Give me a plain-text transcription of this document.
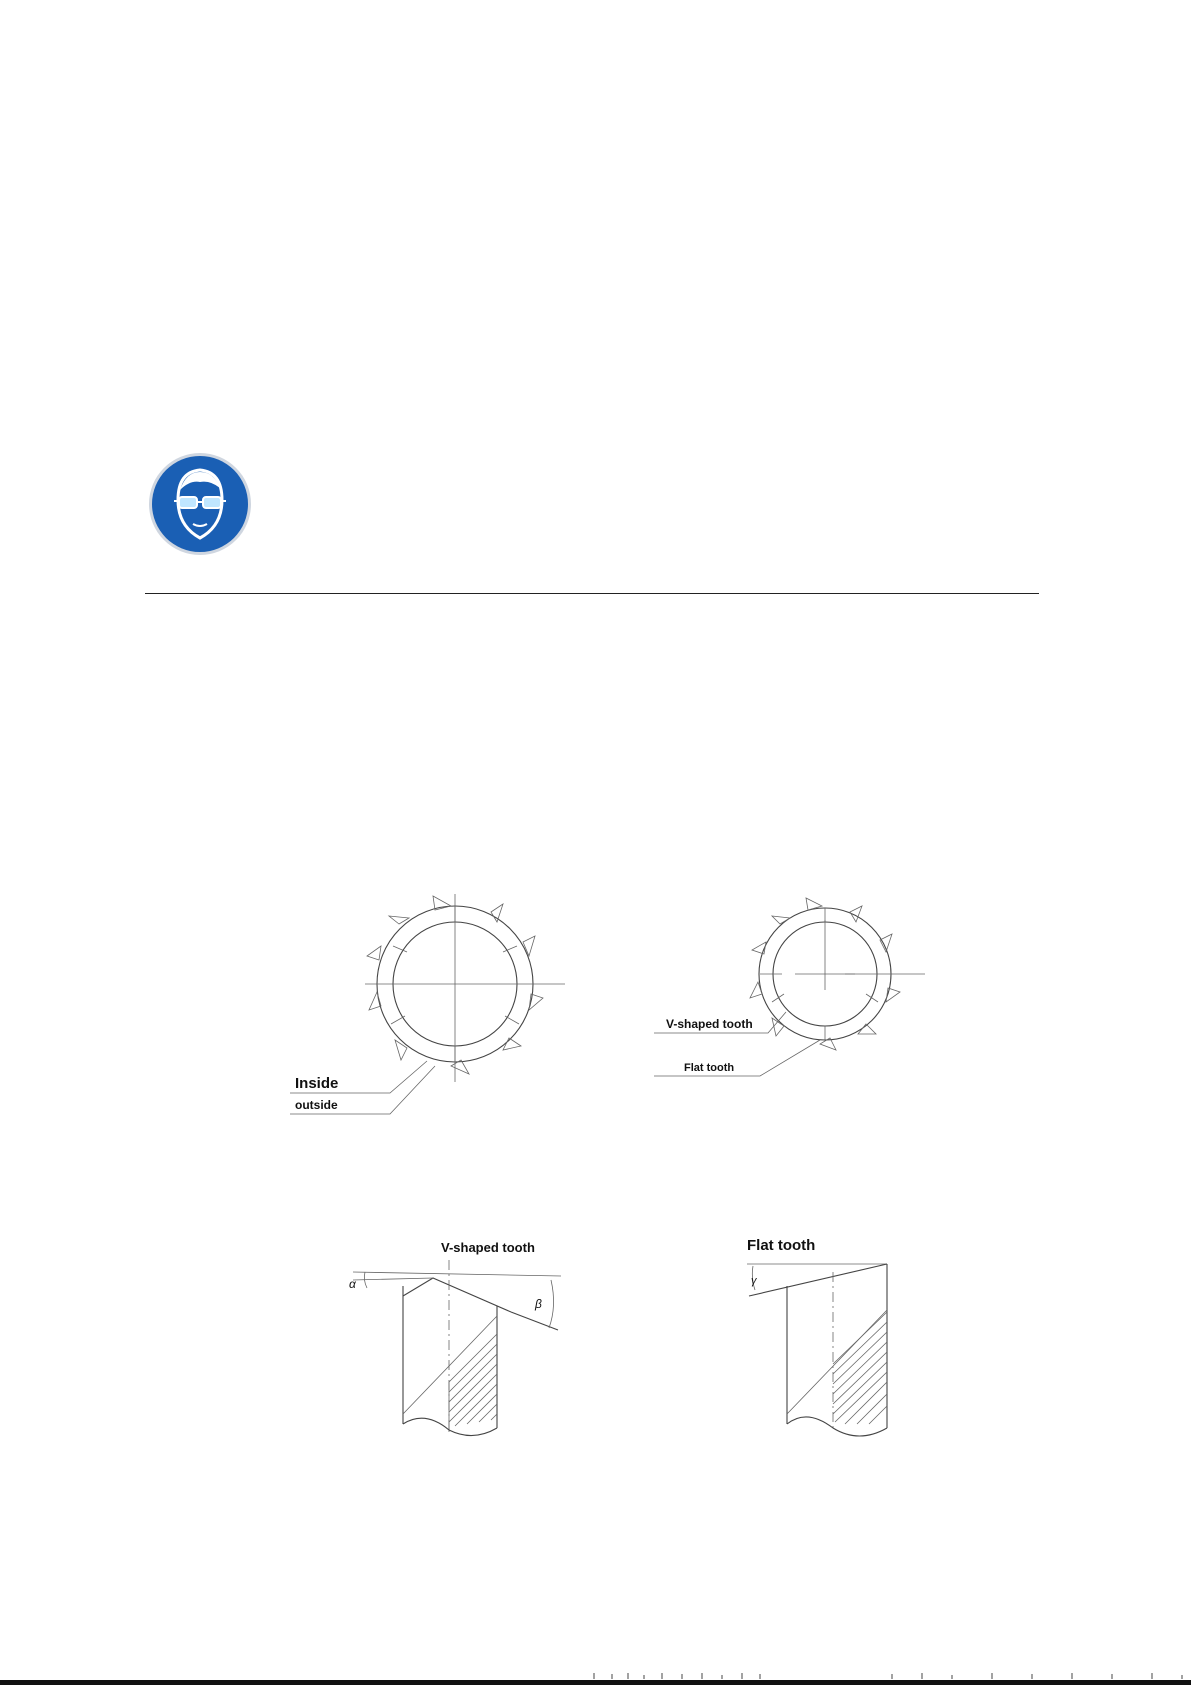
Inside
outside
V-shaped tooth
Flat tooth
V-shaped tooth
α
β
Flat tooth
γ
